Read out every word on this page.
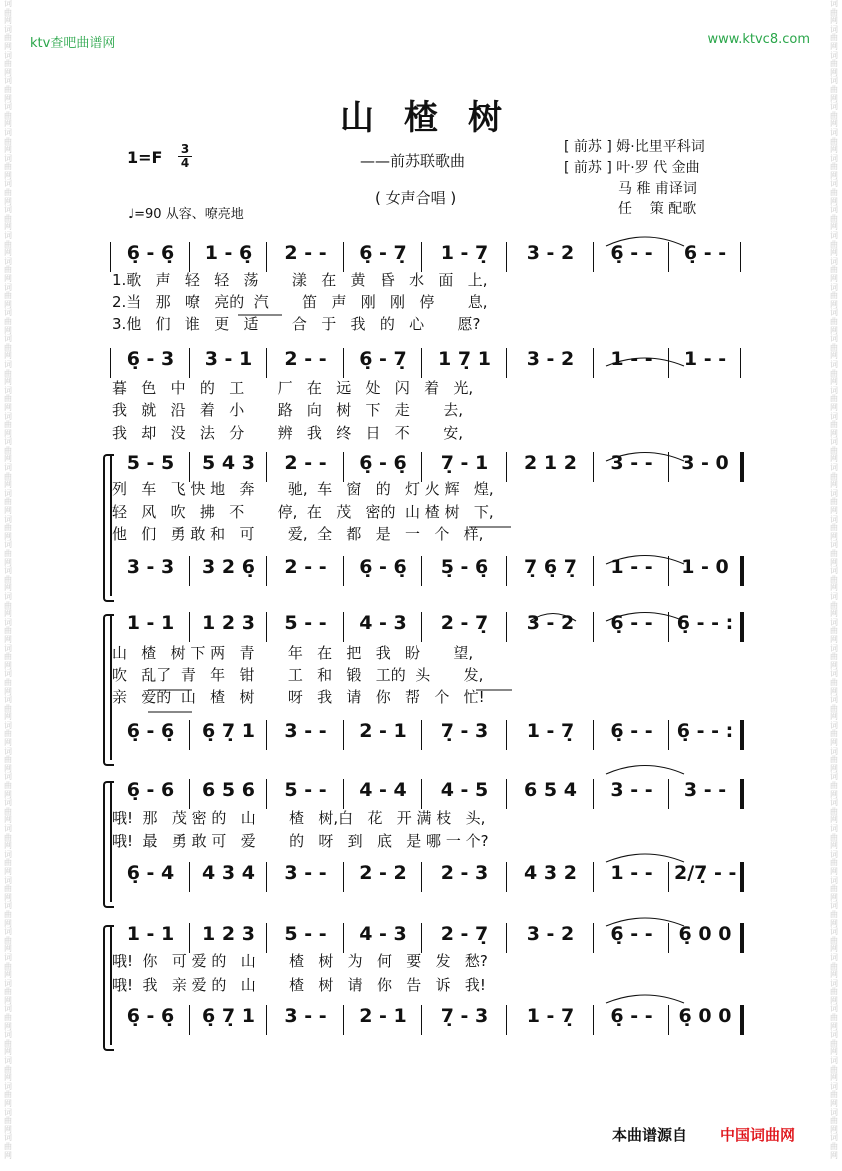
词
曲
网
词
曲
网
词
曲
网
词
曲
网
词
曲
网
词
曲
网
词
曲
网
词
曲
网
词
曲
网
词
曲
网
词
曲
网
词
曲
网
词
曲
网
词
曲
网
词
曲
网
词
曲
网
词
曲
网
词
曲
网
词
曲
网
词
曲
网
词
曲
网
词
曲
网
词
曲
网
词
曲
网
词
曲
网
词
曲
网
词
曲
网
词
曲
网
词
曲
网
词
曲
网
词
曲
网
词
曲
网
词
曲
网
词
曲
网
词
曲
网
词
曲
网
词
曲
网
词
曲
网
词
曲
网
词
曲
网
词
曲
网
词
曲
网
词
曲
网
词
曲
网
词
曲
网
词
曲
网
词
曲
网
词
曲
网
词
曲
网
词
曲
网
词
曲
网
词
曲
网
词
曲
网
词
曲
网
词
曲
网
词
曲
网
词
曲
网
词
曲
网
词
曲
网
词
曲
网
词
曲
网
词
曲
网
词
曲
网
词
曲
网
词
曲
网
词
曲
网
词
曲
网
词
曲
网
词
曲
网
词
曲
网
词
曲
网
词
曲
网
词
曲
网
词
曲
网
词
曲
网
词
曲
网
词
曲
网
词
曲
网
词
曲
网
词
曲
网
词
曲
网
词
曲
网
词
曲
网
词
曲
网
词
曲
网
词
曲
网
词
曲
网
词
曲
网
词
曲
网
词
曲
网
ktv查吧曲谱网	www.ktvc8.com
山楂树
$1=F \frac{3}{4}$	——前苏联歌曲
( 女声合唱 )
♩=90 从容、嘹亮地
[ 前苏 ] 姆·比里平科词
[ 前苏 ] 叶·罗 代 金曲
马 稚 甫译词
任    策 配歌
6̣ - 6̣	1 - 6̣	2 - -	6̣ - 7̣	1 - 7̣	3 - 2	6̣ - -	6̣ - -
1.歌   声   轻   轻   荡       漾   在   黄   昏   水   面   上,
2.当   那   嘹   亮的  汽       笛   声   刚   刚   停       息,
3.他   们   谁   更   适       合   于   我   的   心       愿?
6̣ - 3	3 - 1	2 - -	6̣ - 7̣	1 7̣ 1	3 - 2	1 - -	1 - -
暮   色   中   的   工       厂   在   远   处   闪   着   光,
我   就   沿   着   小       路   向   树   下   走       去,
我   却   没   法   分       辨   我   终   日   不       安,
5 - 5	5 4 3	2 - -	6̣ - 6̣	7̣ - 1	2 1 2	3 - -	3 - 0
3 - 3	3 2 6̣	2 - -	6̣ - 6̣	5̣ - 6̣	7̣ 6̣ 7̣	1 - -	1 - 0
列   车   飞 快 地   奔       驰,  车   窗   的   灯 火 辉   煌,
轻   风   吹   拂   不       停,  在   茂   密的  山 楂 树   下,
他   们   勇 敢 和   可       爱,  全   都   是   一   个   样,
1 - 1	1 2 3	5 - -	4 - 3	2 - 7̣	3 - 2	6̣ - -	6̣ - - :
6̣ - 6̣	6̣ 7̣ 1	3 - -	2 - 1	7̣ - 3	1 - 7̣	6̣ - -	6̣ - - :
山   楂   树 下 两   青       年   在   把   我   盼       望,
吹   乱了  青   年   钳       工   和   锻   工的  头       发,
亲   爱的  山   楂   树       呀   我   请   你   帮   个   忙!
6̣ - 6	6 5 6	5 - -	4 - 4	4 - 5	6 5 4	3 - -	3 - -
6̣ - 4	4 3 4	3 - -	2 - 2	2 - 3	4 3 2	1 - -	2/7̣ - -
哦!  那   茂 密 的   山       楂   树,白   花   开 满 枝   头,
哦!  最   勇 敢 可   爱       的   呀   到   底   是 哪 一 个?
1 - 1	1 2 3	5 - -	4 - 3	2 - 7̣	3 - 2	6̣ - -	6̣ 0 0
6̣ - 6̣	6̣ 7̣ 1	3 - -	2 - 1	7̣ - 3	1 - 7̣	6̣ - -	6̣ 0 0
哦!  你   可 爱 的   山       楂   树   为   何   要   发   愁?
哦!  我   亲 爱 的   山       楂   树   请   你   告   诉   我!
本曲谱源自 中国词曲网
